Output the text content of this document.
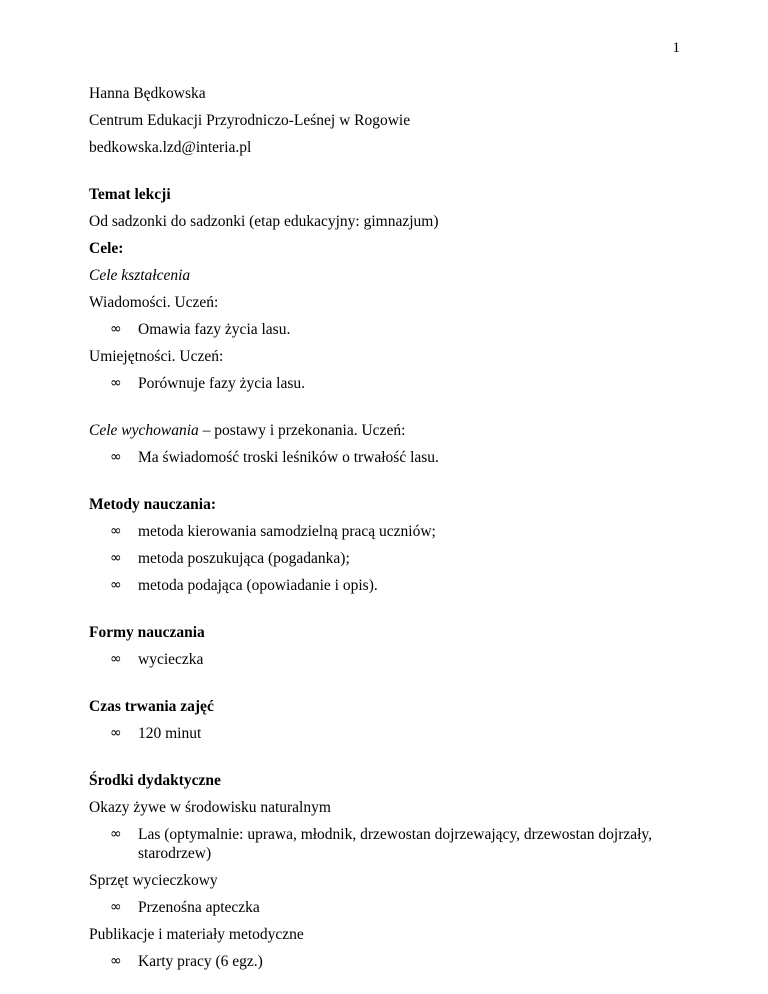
1
Hanna Będkowska
Centrum Edukacji Przyrodniczo-Leśnej w Rogowie
bedkowska.lzd@interia.pl
Temat lekcji
Od sadzonki do sadzonki (etap edukacyjny: gimnazjum)
Cele:
Cele kształcenia
Wiadomości. Uczeń:
∞ Omawia fazy życia lasu.
Umiejętności. Uczeń:
∞ Porównuje fazy życia lasu.
Cele wychowania – postawy i przekonania. Uczeń:
∞ Ma świadomość troski leśników o trwałość lasu.
Metody nauczania:
∞ metoda kierowania samodzielną pracą uczniów;
∞ metoda poszukująca (pogadanka);
∞ metoda podająca (opowiadanie i opis).
Formy nauczania
∞ wycieczka
Czas trwania zajęć
∞ 120 minut
Środki dydaktyczne
Okazy żywe w środowisku naturalnym
∞ Las (optymalnie: uprawa, młodnik, drzewostan dojrzewający, drzewostan dojrzały, starodrzew)
Sprzęt wycieczkowy
∞ Przenośna apteczka
Publikacje i materiały metodyczne
∞ Karty pracy (6 egz.)
